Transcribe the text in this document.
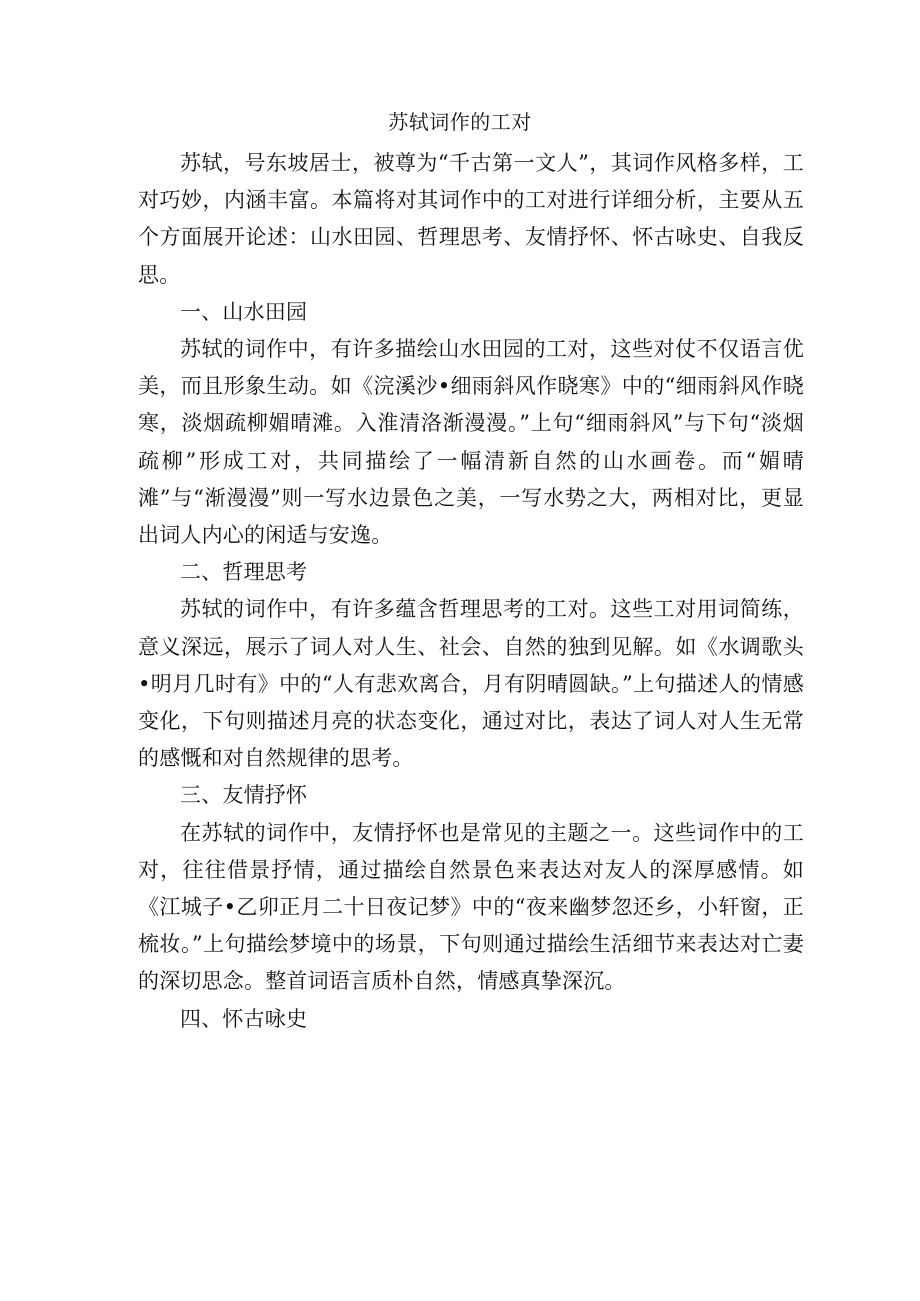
苏轼词作的工对

苏轼，号东坡居士，被尊为“千古第一文人”，其词作风格多样，工对巧妙，内涵丰富。本篇将对其词作中的工对进行详细分析，主要从五个方面展开论述：山水田园、哲理思考、友情抒怀、怀古咏史、自我反思。

一、山水田园

苏轼的词作中，有许多描绘山水田园的工对，这些对仗不仅语言优美，而且形象生动。如《浣溪沙•细雨斜风作晓寒》中的“细雨斜风作晓寒，淡烟疏柳媚晴滩。入淮清洛渐漫漫。”上句“细雨斜风”与下句“淡烟疏柳”形成工对，共同描绘了一幅清新自然的山水画卷。而“媚晴滩”与“渐漫漫”则一写水边景色之美，一写水势之大，两相对比，更显出词人内心的闲适与安逸。

二、哲理思考

苏轼的词作中，有许多蕴含哲理思考的工对。这些工对用词简练，意义深远，展示了词人对人生、社会、自然的独到见解。如《水调歌头•明月几时有》中的“人有悲欢离合，月有阴晴圆缺。”上句描述人的情感变化，下句则描述月亮的状态变化，通过对比，表达了词人对人生无常的感慨和对自然规律的思考。

三、友情抒怀

在苏轼的词作中，友情抒怀也是常见的主题之一。这些词作中的工对，往往借景抒情，通过描绘自然景色来表达对友人的深厚感情。如《江城子•乙卯正月二十日夜记梦》中的“夜来幽梦忽还乡，小轩窗，正梳妆。”上句描绘梦境中的场景，下句则通过描绘生活细节来表达对亡妻的深切思念。整首词语言质朴自然，情感真挚深沉。

四、怀古咏史
